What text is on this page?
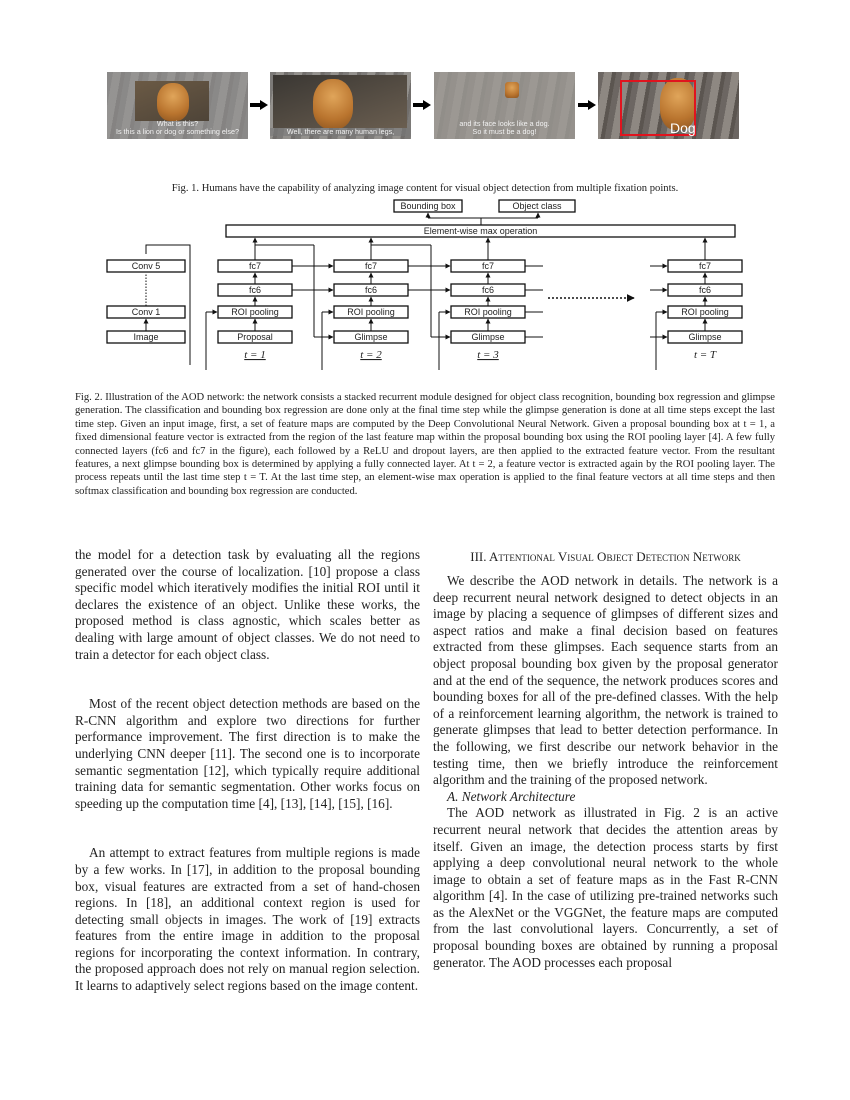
What is this?
Is this a lion or dog or something else?	Well, there are many human legs,
and its face looks like a dog.
So it must be a dog!	Dog
Fig. 1. Humans have the capability of analyzing image content for visual object detection from multiple fixation points.
Bounding box	Object class
Element-wise max operation
Conv 5
Conv 1
Image
fc7
fc6
ROI pooling
Proposal
t = 1
fc7
fc6
ROI pooling
Glimpse
t = 2
fc7
fc6
ROI pooling
Glimpse
t = 3
fc7
fc6
ROI pooling
Glimpse
t = T
Fig. 2. Illustration of the AOD network: the network consists a stacked recurrent module designed for object class recognition, bounding box regression and glimpse generation. The classification and bounding box regression are done only at the final time step while the glimpse generation is done at all time steps except the last time step. Given an input image, first, a set of feature maps are computed by the Deep Convolutional Neural Network. Given a proposal bounding box at t = 1, a fixed dimensional feature vector is extracted from the region of the last feature map within the proposal bounding box using the ROI pooling layer [4]. A few fully connected layers (fc6 and fc7 in the figure), each followed by a ReLU and dropout layers, are then applied to the extracted feature vector. From the resultant features, a next glimpse bounding box is determined by applying a fully connected layer. At t = 2, a feature vector is extracted again by the ROI pooling layer. The process repeats until the last time step t = T. At the last time step, an element-wise max operation is applied to the final feature vectors at all time steps and then softmax classification and bounding box regression are conducted.

the model for a detection task by evaluating all the regions generated over the course of localization. [10] propose a class specific model which iteratively modifies the initial ROI until it declares the existence of an object. Unlike these works, the proposed method is class agnostic, which scales better as dealing with large amount of object classes. We do not need to train a detector for each object class.

Most of the recent object detection methods are based on the R-CNN algorithm and explore two directions for further performance improvement. The first direction is to make the underlying CNN deeper [11]. The second one is to incorporate semantic segmentation [12], which typically require additional training data for semantic segmentation. Other works focus on speeding up the computation time [4], [13], [14], [15], [16].

An attempt to extract features from multiple regions is made by a few works. In [17], in addition to the proposal bounding box, visual features are extracted from a set of hand-chosen regions. In [18], an additional context region is used for detecting small objects in images. The work of [19] extracts features from the entire image in addition to the proposal regions for incorporating the context information. In contrary, the proposed approach does not rely on manual region selection. It learns to adaptively select regions based on the image content.

III. Attentional Visual Object Detection Network

We describe the AOD network in details. The network is a deep recurrent neural network designed to detect objects in an image by placing a sequence of glimpses of different sizes and aspect ratios and make a final decision based on features extracted from these glimpses. Each sequence starts from an object proposal bounding box given by the proposal generator and at the end of the sequence, the network produces scores and bounding boxes for all of the pre-defined classes. With the help of a reinforcement learning algorithm, the network is trained to generate glimpses that lead to better detection performance. In the following, we first describe our network behavior in the testing time, then we briefly introduce the reinforcement algorithm and the training of the proposed network.

A. Network Architecture

The AOD network as illustrated in Fig. 2 is an active recurrent neural network that decides the attention areas by itself. Given an image, the detection process starts by first applying a deep convolutional neural network to the whole image to obtain a set of feature maps as in the Fast R-CNN algorithm [4]. In the case of utilizing pre-trained networks such as the AlexNet or the VGGNet, the feature maps are computed from the last convolutional layers. Concurrently, a set of proposal bounding boxes are obtained by running a proposal generator. The AOD processes each proposal
